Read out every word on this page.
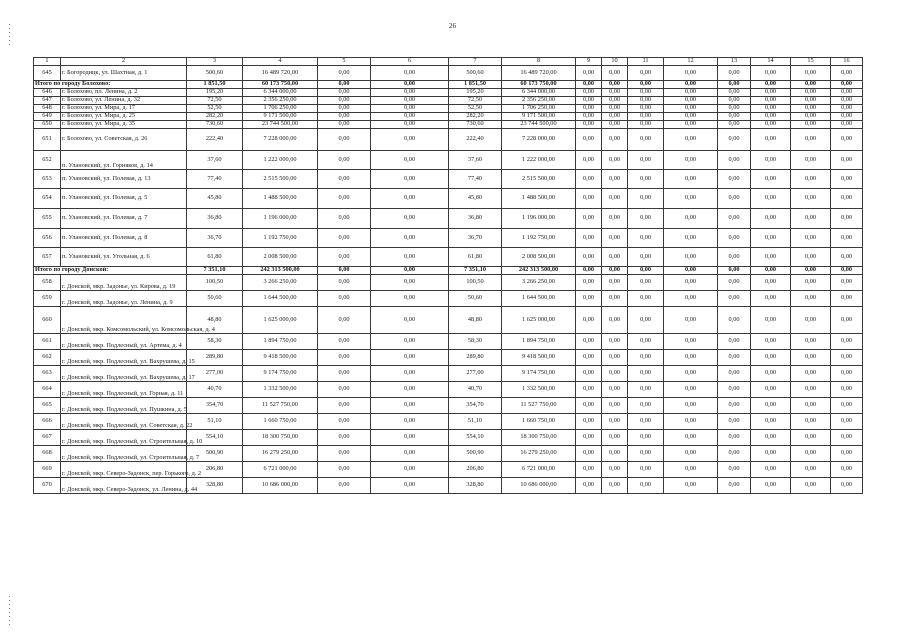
26
1	2	3	4	5	6	7	8	9	10	11	12	13	14	15	16
645	г. Богородицк, ул. Шахтная, д. 1	500,60	16 489 720,00	0,00	0,00	500,60	16 489 720,00	0,00	0,00	0,00	0,00	0,00	0,00	0,00	0,00
Итого по городу Болохово:		1 851,50	60 173 750,00	0,00	0,00	1 851,50	60 173 750,00	0,00	0,00	0,00	0,00	0,00	0,00	0,00	0,00
646	г. Болохово, пл. Ленина, д. 2	195,20	6 344 000,00	0,00	0,00	195,20	6 344 000,00	0,00	0,00	0,00	0,00	0,00	0,00	0,00	0,00
647	г. Болохово, ул. Ленина, д. 32	72,50	2 356 250,00	0,00	0,00	72,50	2 356 250,00	0,00	0,00	0,00	0,00	0,00	0,00	0,00	0,00
648	г. Болохово, ул. Мира, д. 17	52,50	1 706 250,00	0,00	0,00	52,50	1 706 250,00	0,00	0,00	0,00	0,00	0,00	0,00	0,00	0,00
649	г. Болохово, ул. Мира, д. 25	282,20	9 171 500,00	0,00	0,00	282,20	9 171 500,00	0,00	0,00	0,00	0,00	0,00	0,00	0,00	0,00
650	г. Болохово, ул. Мира, д. 35	730,60	23 744 500,00	0,00	0,00	730,60	23 744 500,00	0,00	0,00	0,00	0,00	0,00	0,00	0,00	0,00
651	г. Болохово, ул. Советская, д. 26	222,40	7 228 000,00	0,00	0,00	222,40	7 228 000,00	0,00	0,00	0,00	0,00	0,00	0,00	0,00	0,00
652	п. Улановский, ул. Горняков, д. 14	37,60	1 222 000,00	0,00	0,00	37,60	1 222 000,00	0,00	0,00	0,00	0,00	0,00	0,00	0,00	0,00
653	п. Улановский, ул. Полевая, д. 13	77,40	2 515 500,00	0,00	0,00	77,40	2 515 500,00	0,00	0,00	0,00	0,00	0,00	0,00	0,00	0,00
654	п. Улановский, ул. Полевая, д. 5	45,80	1 488 500,00	0,00	0,00	45,80	1 488 500,00	0,00	0,00	0,00	0,00	0,00	0,00	0,00	0,00
655	п. Улановский, ул. Полевая, д. 7	36,80	1 196 000,00	0,00	0,00	36,80	1 196 000,00	0,00	0,00	0,00	0,00	0,00	0,00	0,00	0,00
656	п. Улановский, ул. Полевая, д. 8	36,70	1 192 750,00	0,00	0,00	36,70	1 192 750,00	0,00	0,00	0,00	0,00	0,00	0,00	0,00	0,00
657	п. Улановский, ул. Угольная, д. 6	61,80	2 008 500,00	0,00	0,00	61,80	2 008 500,00	0,00	0,00	0,00	0,00	0,00	0,00	0,00	0,00
Итого по городу Донской:		7 351,10	242 313 500,00	0,00	0,00	7 351,10	242 313 500,00	0,00	0,00	0,00	0,00	0,00	0,00	0,00	0,00
658	г. Донской, мкр. Задонье, ул. Кирова, д. 19	100,50	3 266 250,00	0,00	0,00	100,50	3 266 250,00	0,00	0,00	0,00	0,00	0,00	0,00	0,00	0,00
659	г. Донской, мкр. Задонье, ул. Ленина, д. 9	50,60	1 644 500,00	0,00	0,00	50,60	1 644 500,00	0,00	0,00	0,00	0,00	0,00	0,00	0,00	0,00
660	г. Донской, мкр. Комсомольский, ул. Комсомольская, д. 4	48,80	1 625 000,00	0,00	0,00	48,80	1 625 000,00	0,00	0,00	0,00	0,00	0,00	0,00	0,00	0,00
661	г. Донской, мкр. Подлесный, ул. Артема, д. 4	58,30	1 894 750,00	0,00	0,00	58,30	1 894 750,00	0,00	0,00	0,00	0,00	0,00	0,00	0,00	0,00
662	г. Донской, мкр. Подлесный, ул. Вахрушева, д. 15	289,80	9 418 500,00	0,00	0,00	289,80	9 418 500,00	0,00	0,00	0,00	0,00	0,00	0,00	0,00	0,00
663	г. Донской, мкр. Подлесный, ул. Вахрушева, д. 17	277,00	9 174 750,00	0,00	0,00	277,00	9 174 750,00	0,00	0,00	0,00	0,00	0,00	0,00	0,00	0,00
664	г. Донской, мкр. Подлесный, ул. Горная, д. 11	40,70	1 332 500,00	0,00	0,00	40,70	1 332 500,00	0,00	0,00	0,00	0,00	0,00	0,00	0,00	0,00
665	г. Донской, мкр. Подлесный, ул. Пушкина, д. 5	354,70	11 527 750,00	0,00	0,00	354,70	11 527 750,00	0,00	0,00	0,00	0,00	0,00	0,00	0,00	0,00
666	г. Донской, мкр. Подлесный, ул. Советская, д. 22	51,10	1 660 750,00	0,00	0,00	51,10	1 660 750,00	0,00	0,00	0,00	0,00	0,00	0,00	0,00	0,00
667	г. Донской, мкр. Подлесный, ул. Строительная, д. 10	554,10	18 300 750,00	0,00	0,00	554,10	18 300 750,00	0,00	0,00	0,00	0,00	0,00	0,00	0,00	0,00
668	г. Донской, мкр. Подлесный, ул. Строительная, д. 7	500,90	16 279 250,00	0,00	0,00	500,90	16 279 250,00	0,00	0,00	0,00	0,00	0,00	0,00	0,00	0,00
669	г. Донской, мкр. Северо-Задонск, пер. Горького, д. 2	206,80	6 721 000,00	0,00	0,00	206,80	6 721 000,00	0,00	0,00	0,00	0,00	0,00	0,00	0,00	0,00
670	г. Донской, мкр. Северо-Задонск, ул. Ленина, д. 44	328,80	10 686 000,00	0,00	0,00	328,80	10 686 000,00	0,00	0,00	0,00	0,00	0,00	0,00	0,00	0,00
